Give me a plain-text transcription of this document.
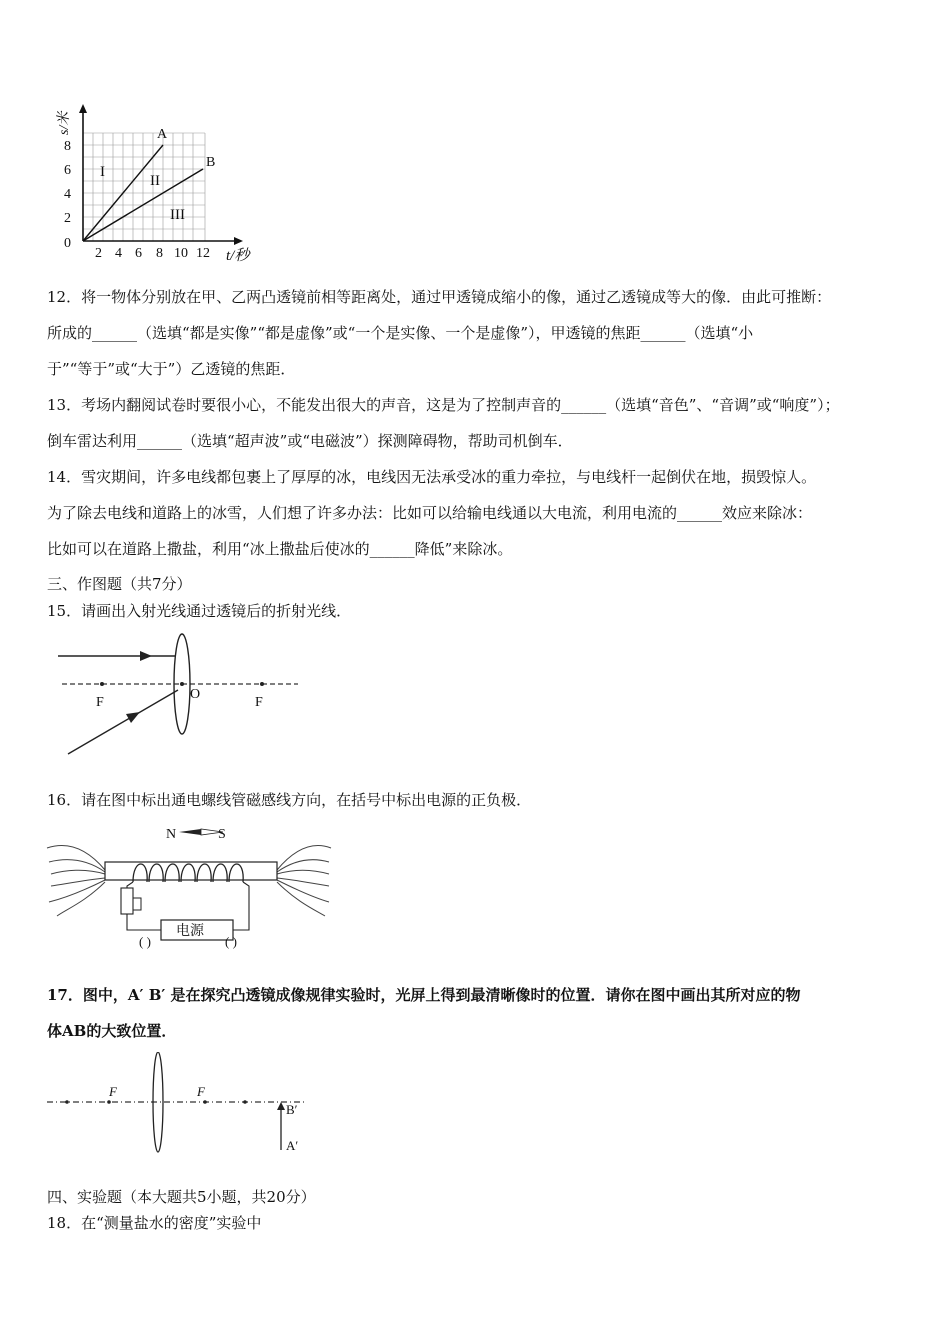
s/米
t/秒
8
6
4
2
0
2 4 6 8 10 12
A
B
I
II
III
12．将一物体分别放在甲、乙两凸透镜前相等距离处，通过甲透镜成缩小的像，通过乙透镜成等大的像．由此可推断：
所成的______（选填“都是实像”“都是虚像”或“一个是实像、一个是虚像”），甲透镜的焦距______（选填“小
于”“等于”或“大于”）乙透镜的焦距．
13．考场内翻阅试卷时要很小心，不能发出很大的声音，这是为了控制声音的______（选填“音色”、“音调”或“响度”）；
倒车雷达利用______（选填“超声波”或“电磁波”）探测障碍物，帮助司机倒车．
14．雪灾期间，许多电线都包裹上了厚厚的冰，电线因无法承受冰的重力牵拉，与电线杆一起倒伏在地，损毁惊人。
为了除去电线和道路上的冰雪，人们想了许多办法：比如可以给输电线通以大电流，利用电流的______效应来除冰：
比如可以在道路上撒盐，利用“冰上撒盐后使冰的______降低”来除冰。
三、作图题（共7分）
15．请画出入射光线通过透镜后的折射光线．
F
O
F
16．请在图中标出通电螺线管磁感线方向，在括号中标出电源的正负极．
N	S
电源
( )	( )
17．图中，A′ B′ 是在探究凸透镜成像规律实验时，光屏上得到最清晰像时的位置．请你在图中画出其所对应的物
体AB的大致位置．
F	F
B′
A′
四、实验题（本大题共5小题，共20分）
18．在“测量盐水的密度”实验中
